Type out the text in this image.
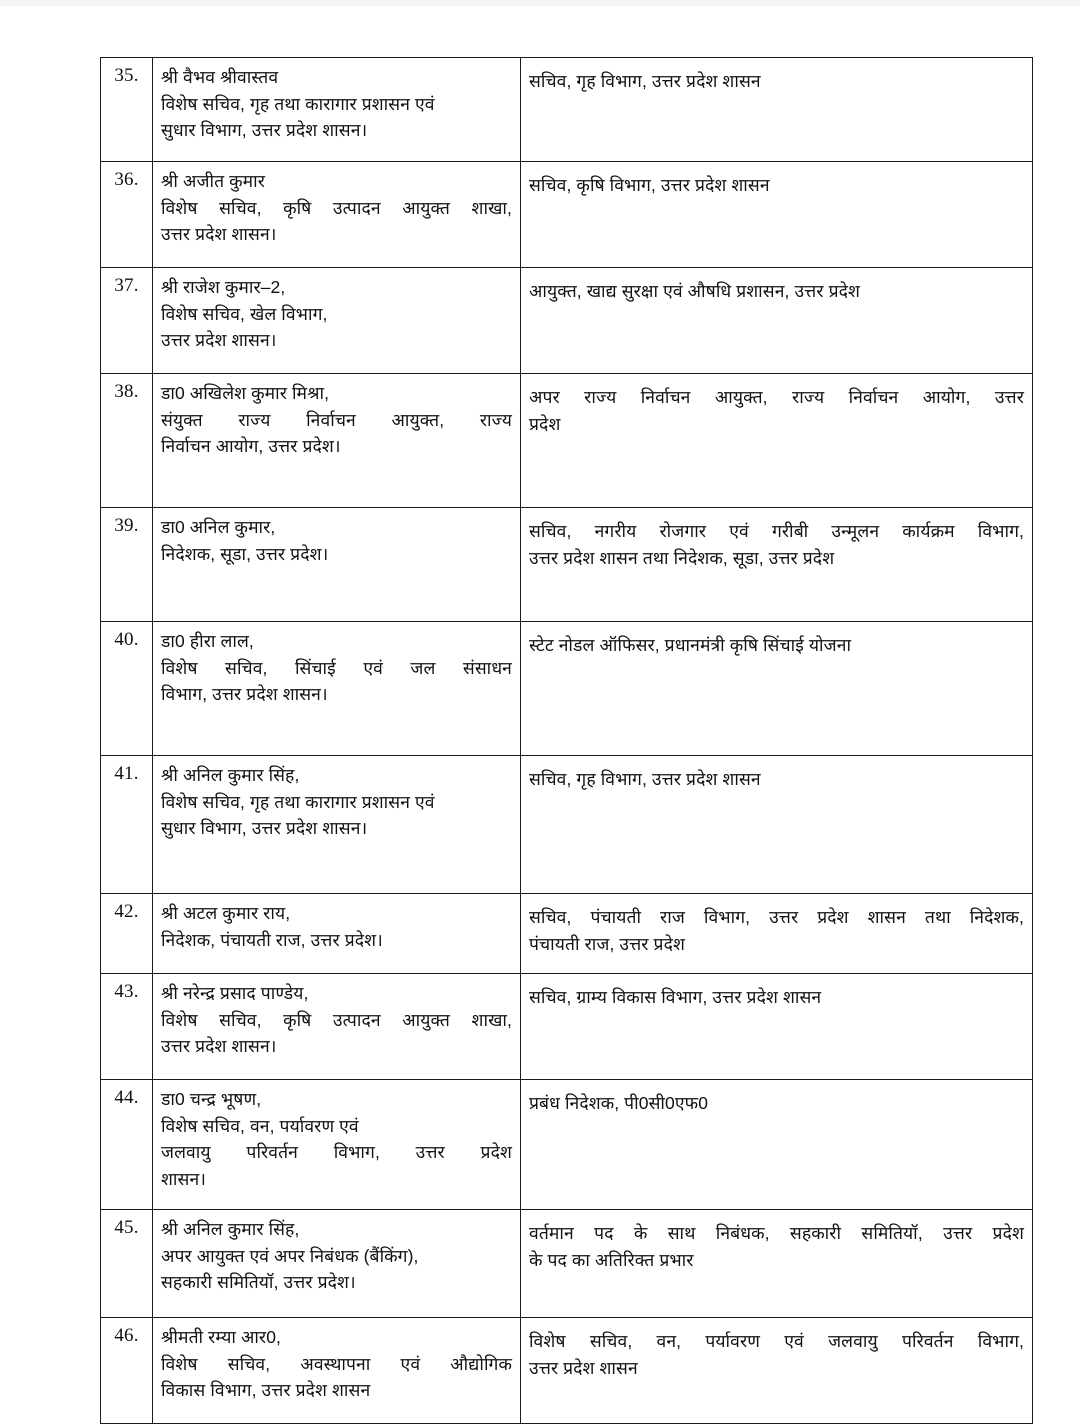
35.	श्री वैभव श्रीवास्तव
विशेष सचिव, गृह तथा कारागार प्रशासन एवं
सुधार विभाग, उत्तर प्रदेश शासन।	सचिव, गृह विभाग, उत्तर प्रदेश शासन

36.	श्री अजीत कुमार
विशेष सचिव, कृषि उत्पादन आयुक्त शाखा,
उत्तर प्रदेश शासन।	सचिव, कृषि विभाग, उत्तर प्रदेश शासन

37.	श्री राजेश कुमार–2,
विशेष सचिव, खेल विभाग,
उत्तर प्रदेश शासन।	आयुक्त, खाद्य सुरक्षा एवं औषधि प्रशासन, उत्तर प्रदेश

38.	डा0 अखिलेश कुमार मिश्रा,
संयुक्त राज्य निर्वाचन आयुक्त, राज्य
निर्वाचन आयोग, उत्तर प्रदेश।	अपर राज्य निर्वाचन आयुक्त, राज्य निर्वाचन आयोग, उत्तर
प्रदेश

39.	डा0 अनिल कुमार,
निदेशक, सूडा, उत्तर प्रदेश।	सचिव, नगरीय रोजगार एवं गरीबी उन्मूलन कार्यक्रम विभाग,
उत्तर प्रदेश शासन तथा निदेशक, सूडा, उत्तर प्रदेश

40.	डा0 हीरा लाल,
विशेष सचिव, सिंचाई एवं जल संसाधन
विभाग, उत्तर प्रदेश शासन।	स्टेट नोडल ऑफिसर, प्रधानमंत्री कृषि सिंचाई योजना

41.	श्री अनिल कुमार सिंह,
विशेष सचिव, गृह तथा कारागार प्रशासन एवं
सुधार विभाग, उत्तर प्रदेश शासन।	सचिव, गृह विभाग, उत्तर प्रदेश शासन

42.	श्री अटल कुमार राय,
निदेशक, पंचायती राज, उत्तर प्रदेश।	सचिव, पंचायती राज विभाग, उत्तर प्रदेश शासन तथा निदेशक,
पंचायती राज, उत्तर प्रदेश

43.	श्री नरेन्द्र प्रसाद पाण्डेय,
विशेष सचिव, कृषि उत्पादन आयुक्त शाखा,
उत्तर प्रदेश शासन।	सचिव, ग्राम्य विकास विभाग, उत्तर प्रदेश शासन

44.	डा0 चन्द्र भूषण,
विशेष सचिव, वन, पर्यावरण एवं
जलवायु परिवर्तन विभाग, उत्तर प्रदेश
शासन।	प्रबंध निदेशक, पी0सी0एफ0

45.	श्री अनिल कुमार सिंह,
अपर आयुक्त एवं अपर निबंधक (बैंकिंग),
सहकारी समितियॉ, उत्तर प्रदेश।	वर्तमान पद के साथ निबंधक, सहकारी समितियॉ, उत्तर प्रदेश
के पद का अतिरिक्त प्रभार

46.	श्रीमती रम्या आर0,
विशेष सचिव, अवस्थापना एवं औद्योगिक
विकास विभाग, उत्तर प्रदेश शासन	विशेष सचिव, वन, पर्यावरण एवं जलवायु परिवर्तन विभाग,
उत्तर प्रदेश शासन
